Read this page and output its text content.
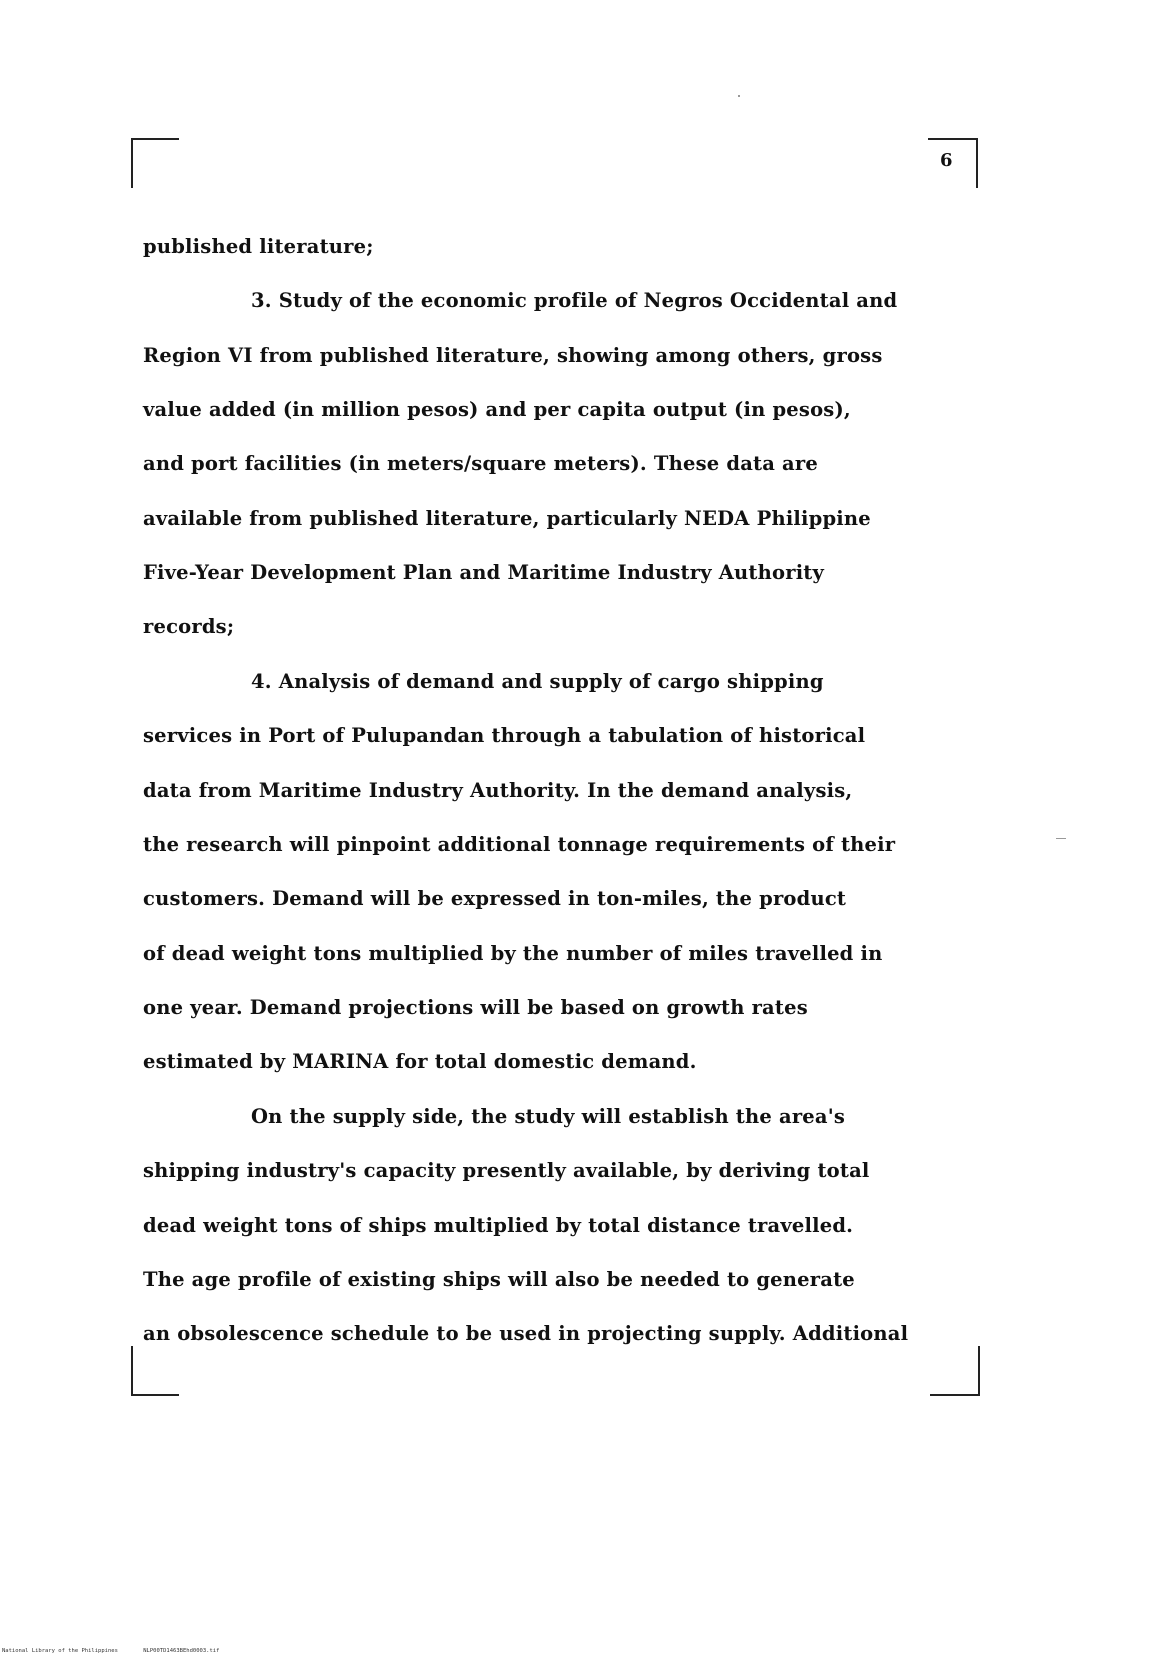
6
published literature;
3. Study of the economic profile of Negros Occidental and
Region VI from published literature, showing among others, gross
value added (in million pesos) and per capita output (in pesos),
and port facilities (in meters/square meters). These data are
available from published literature, particularly NEDA Philippine
Five-Year Development Plan and Maritime Industry Authority
records;
4. Analysis of demand and supply of cargo shipping
services in Port of Pulupandan through a tabulation of historical
data from Maritime Industry Authority. In the demand analysis,
the research will pinpoint additional tonnage requirements of their
customers. Demand will be expressed in ton-miles, the product
of dead weight tons multiplied by the number of miles travelled in
one year. Demand projections will be based on growth rates
estimated by MARINA for total domestic demand.
On the supply side, the study will establish the area's
shipping industry's capacity presently available, by deriving total
dead weight tons of ships multiplied by total distance travelled.
The age profile of existing ships will also be needed to generate
an obsolescence schedule to be used in projecting supply. Additional
National Library of the Philippines	NLP00TD1463BEhd0003.tif
